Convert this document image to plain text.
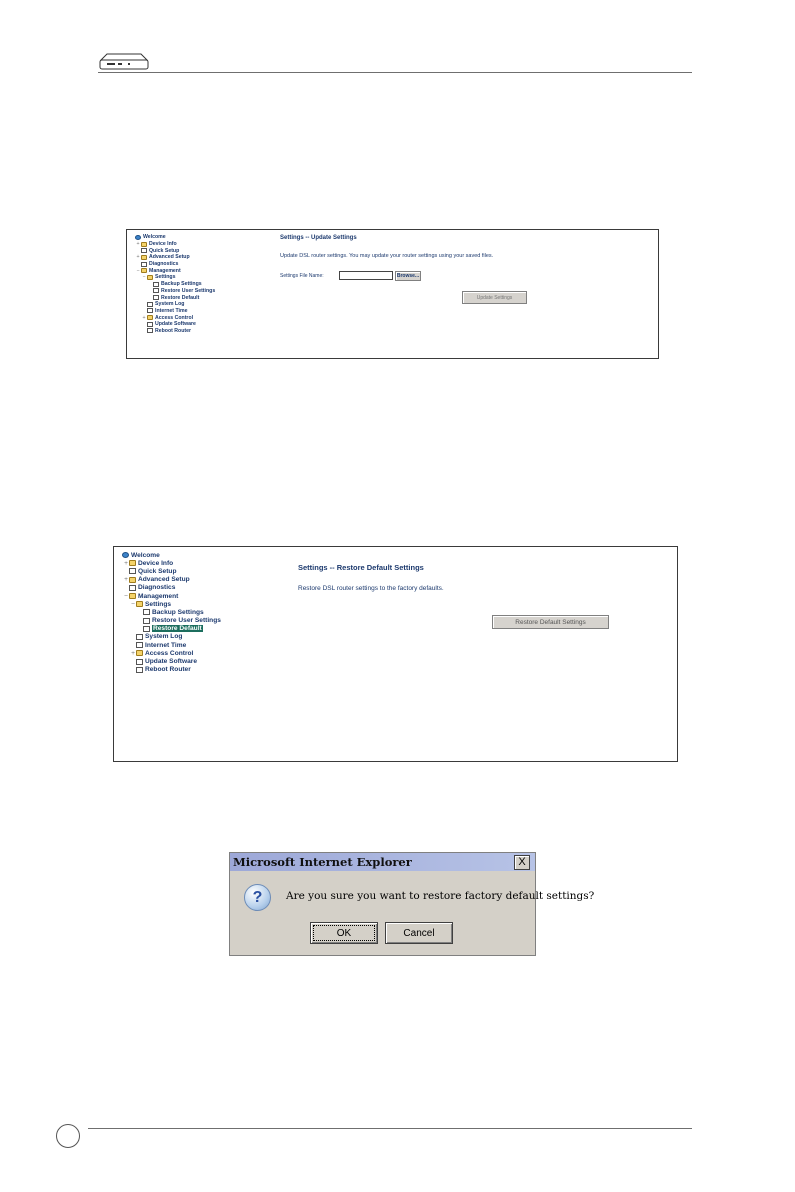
Welcome
+ Device Info
Quick Setup
+ Advanced Setup
Diagnostics
− Management
− Settings
Backup Settings
Restore User Settings
Restore Default
System Log
Internet Time
+ Access Control
Update Software
Reboot Router
Settings -- Update Settings
Update DSL router settings. You may update your router settings using your saved files.
Settings File Name:	Browse...
Update Settings
Welcome
+ Device Info
Quick Setup
+ Advanced Setup
Diagnostics
− Management
− Settings
Backup Settings
Restore User Settings
Restore Default
System Log
Internet Time
+ Access Control
Update Software
Reboot Router
Settings -- Restore Default Settings
Restore DSL router settings to the factory defaults.
Restore Default Settings
Microsoft Internet Explorer	X
?	Are you sure you want to restore factory default settings?
OK	Cancel
